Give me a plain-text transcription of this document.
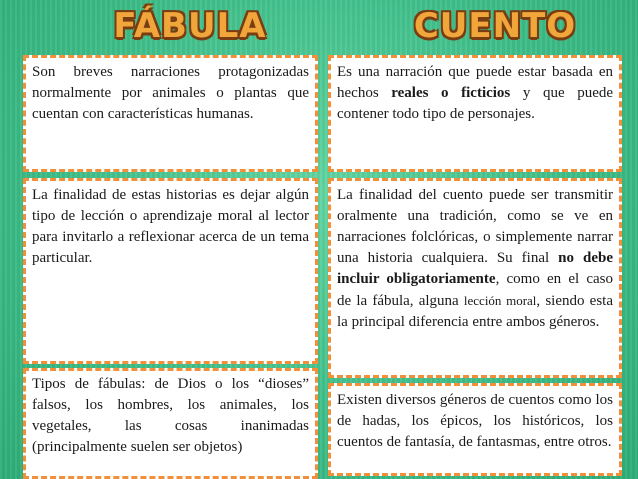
FÁBULA	CUENTO
Son breves narraciones protagonizadas normalmente por animales o plantas que cuentan con características humanas.
La finalidad de estas historias es dejar algún tipo de lección o aprendizaje moral al lector para invitarlo a reflexionar acerca de un tema particular.
Tipos de fábulas: de Dios o los “dioses” falsos, los hombres, los animales, los vegetales, las cosas inanimadas (principalmente suelen ser objetos)
Es una narración que puede estar basada en hechos reales o ficticios y que puede contener todo tipo de personajes.
La finalidad del cuento puede ser transmitir oralmente una tradición, como se ve en narraciones folclóricas, o simplemente narrar una historia cualquiera. Su final no debe incluir obligatoriamente, como en el caso de la fábula, alguna lección moral, siendo esta la principal diferencia entre ambos géneros.
Existen diversos géneros de cuentos como los de hadas, los épicos, los históricos, los cuentos de fantasía, de fantasmas, entre otros.
